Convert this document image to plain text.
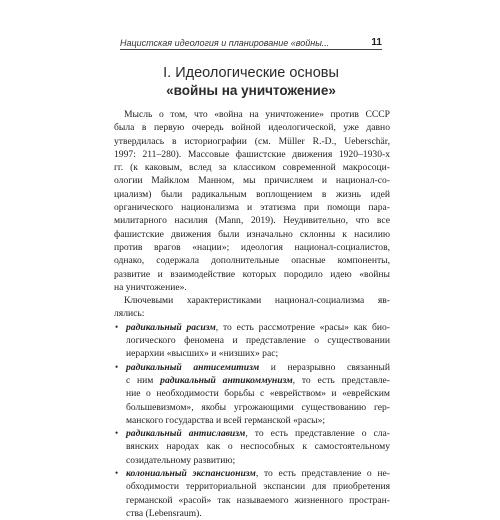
Нацистская идеология и планирование «войны...	11
I. Идеологические основы
«войны на уничтожение»
Мысль о том, что «война на уничтожение» против СССР
была в первую очередь войной идеологической, уже давно
утвердилась в историографии (см. Müller R.-D., Ueberschär,
1997: 211–280). Массовые фашистские движения 1920–1930-х
гг. (к каковым, вслед за классиком современной макросоци-
ологии Майклом Манном, мы причисляем и национал-со-
циализм) были радикальным воплощением в жизнь идей
органического национализма и этатизма при помощи пара-
милитарного насилия (Mann, 2019). Неудивительно, что все
фашистские движения были изначально склонны к насилию
против врагов «нации»; идеология национал-социалистов,
однако, содержала дополнительные опасные компоненты,
развитие и взаимодействие которых породило идею «войны
на уничтожение».
Ключевыми характеристиками национал-социализма яв-
лялись:
• радикальный расизм, то есть рассмотрение «расы» как био-
логического феномена и представление о существовании
иерархии «высших» и «низших» рас;
• радикальный антисемитизм и неразрывно связанный
с ним радикальный антикоммунизм, то есть представле-
ние о необходимости борьбы с «еврейством» и «еврейским
большевизмом», якобы угрожающими существованию гер-
манского государства и всей германской «расы»;
• радикальный антиславизм, то есть представление о сла-
вянских народах как о неспособных к самостоятельному
созидательному развитию;
• колониальный экспансионизм, то есть представление о не-
обходимости территориальной экспансии для приобретения
германской «расой» так называемого жизненного простран-
ства (Lebensraum).
